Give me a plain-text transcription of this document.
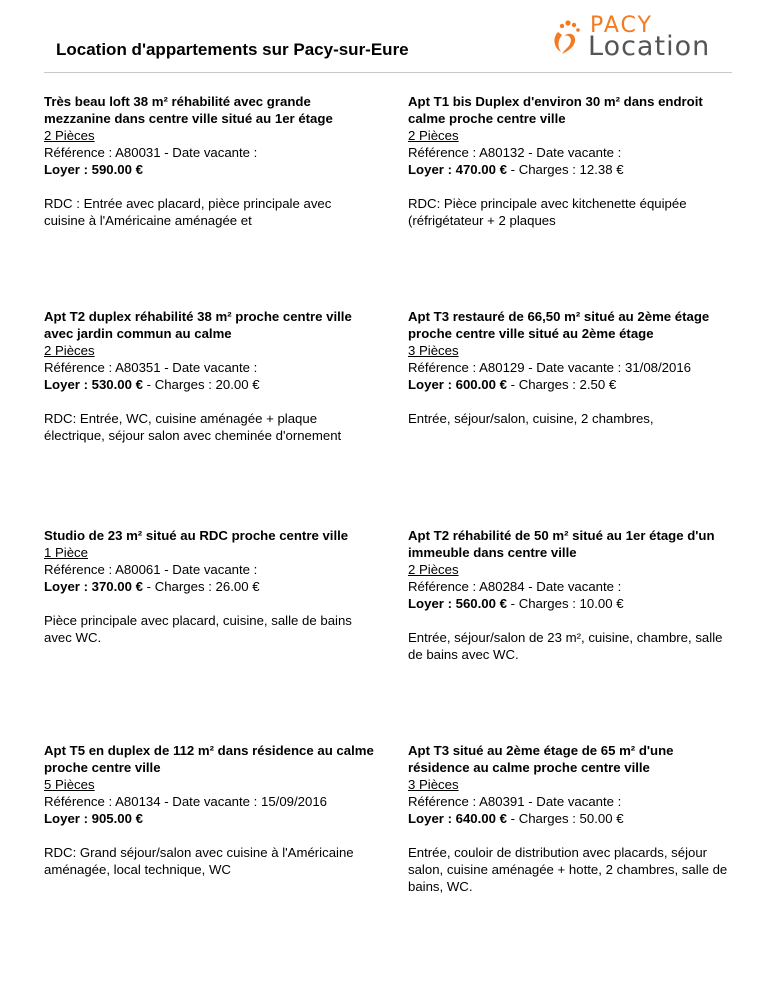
Location d'appartements sur Pacy-sur-Eure
PACY
Location
Très beau loft 38 m² réhabilité avec grande mezzanine dans centre ville situé au 1er étage
2 Pièces
Référence : A80031 - Date vacante :
Loyer : 590.00 €
RDC : Entrée avec placard, pièce principale avec cuisine à l'Américaine aménagée et
Apt T1 bis Duplex d'environ 30 m² dans endroit calme proche centre ville
2 Pièces
Référence : A80132 - Date vacante :
Loyer : 470.00 € - Charges : 12.38 €
RDC: Pièce principale avec kitchenette équipée (réfrigétateur + 2 plaques
Apt T2 duplex réhabilité 38 m² proche centre ville avec jardin commun au calme
2 Pièces
Référence : A80351 - Date vacante :
Loyer : 530.00 € - Charges : 20.00 €
RDC: Entrée, WC, cuisine aménagée + plaque électrique, séjour salon avec cheminée d'ornement
Apt T3 restauré de 66,50 m² situé au 2ème étage proche centre ville situé au 2ème étage
3 Pièces
Référence : A80129 - Date vacante : 31/08/2016
Loyer : 600.00 € - Charges : 2.50 €
Entrée, séjour/salon, cuisine, 2 chambres,
Studio de 23 m² situé au RDC proche centre ville
1 Pièce
Référence : A80061 - Date vacante :
Loyer : 370.00 € - Charges : 26.00 €
Pièce principale avec placard, cuisine, salle de bains avec WC.
Apt T2 réhabilité de 50 m² situé au 1er étage d'un immeuble dans centre ville
2 Pièces
Référence : A80284 - Date vacante :
Loyer : 560.00 € - Charges : 10.00 €
Entrée, séjour/salon de 23 m², cuisine, chambre, salle de bains avec WC.
Apt T5 en duplex de 112 m² dans résidence au calme proche centre ville
5 Pièces
Référence : A80134 - Date vacante : 15/09/2016
Loyer : 905.00 €
RDC: Grand séjour/salon avec cuisine à l'Américaine aménagée, local technique, WC
Apt T3 situé au 2ème étage de 65 m² d'une résidence au calme proche centre ville
3 Pièces
Référence : A80391 - Date vacante :
Loyer : 640.00 € - Charges : 50.00 €
Entrée, couloir de distribution avec placards, séjour salon, cuisine aménagée + hotte, 2 chambres, salle de bains, WC.
